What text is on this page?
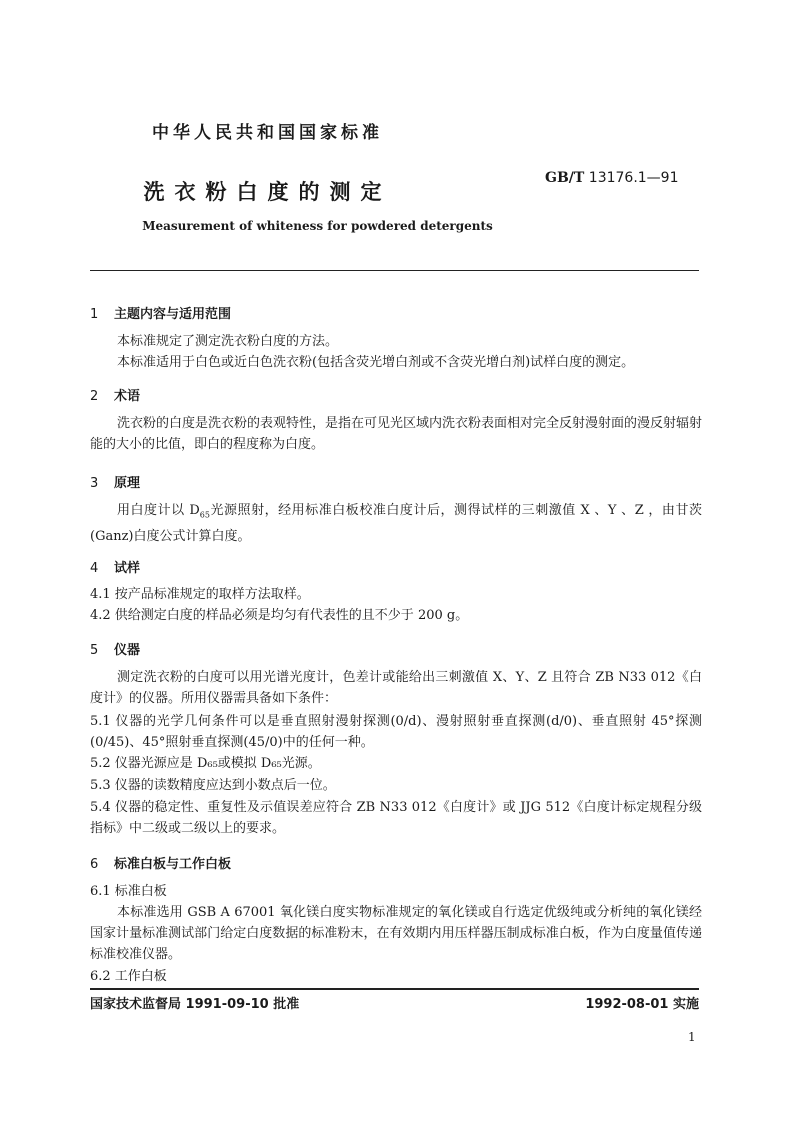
中华人民共和国国家标准
洗衣粉白度的测定
GB/T 13176.1—91
Measurement of whiteness for powdered detergents
1 主题内容与适用范围
本标准规定了测定洗衣粉白度的方法。
本标准适用于白色或近白色洗衣粉(包括含荧光增白剂或不含荧光增白剂)试样白度的测定。
2 术语
洗衣粉的白度是洗衣粉的表观特性，是指在可见光区域内洗衣粉表面相对完全反射漫射面的漫反射辐射能的大小的比值，即白的程度称为白度。
3 原理
用白度计以 $D_{65}$光源照射，经用标准白板校准白度计后，测得试样的三刺激值 X 、Y 、Z ，由甘茨(Ganz)白度公式计算白度。
4 试样
4.1 按产品标准规定的取样方法取样。
4.2 供给测定白度的样品必须是均匀有代表性的且不少于 200 g。
5 仪器
测定洗衣粉的白度可以用光谱光度计，色差计或能给出三刺激值 X、Y、Z 且符合 ZB N33 012《白度计》的仪器。所用仪器需具备如下条件：
5.1 仪器的光学几何条件可以是垂直照射漫射探测(0/d)、漫射照射垂直探测(d/0)、垂直照射 45°探测(0/45)、45°照射垂直探测(45/0)中的任何一种。
5.2 仪器光源应是 D₆₅或模拟 D₆₅光源。
5.3 仪器的读数精度应达到小数点后一位。
5.4 仪器的稳定性、重复性及示值误差应符合 ZB N33 012《白度计》或 JJG 512《白度计标定规程分级指标》中二级或二级以上的要求。
6 标准白板与工作白板
6.1 标准白板
本标准选用 GSB A 67001 氧化镁白度实物标准规定的氧化镁或自行选定优级纯或分析纯的氧化镁经国家计量标准测试部门给定白度数据的标准粉末，在有效期内用压样器压制成标准白板，作为白度量值传递标准校准仪器。
6.2 工作白板
国家技术监督局 1991-09-10 批准	1992-08-01 实施
1
